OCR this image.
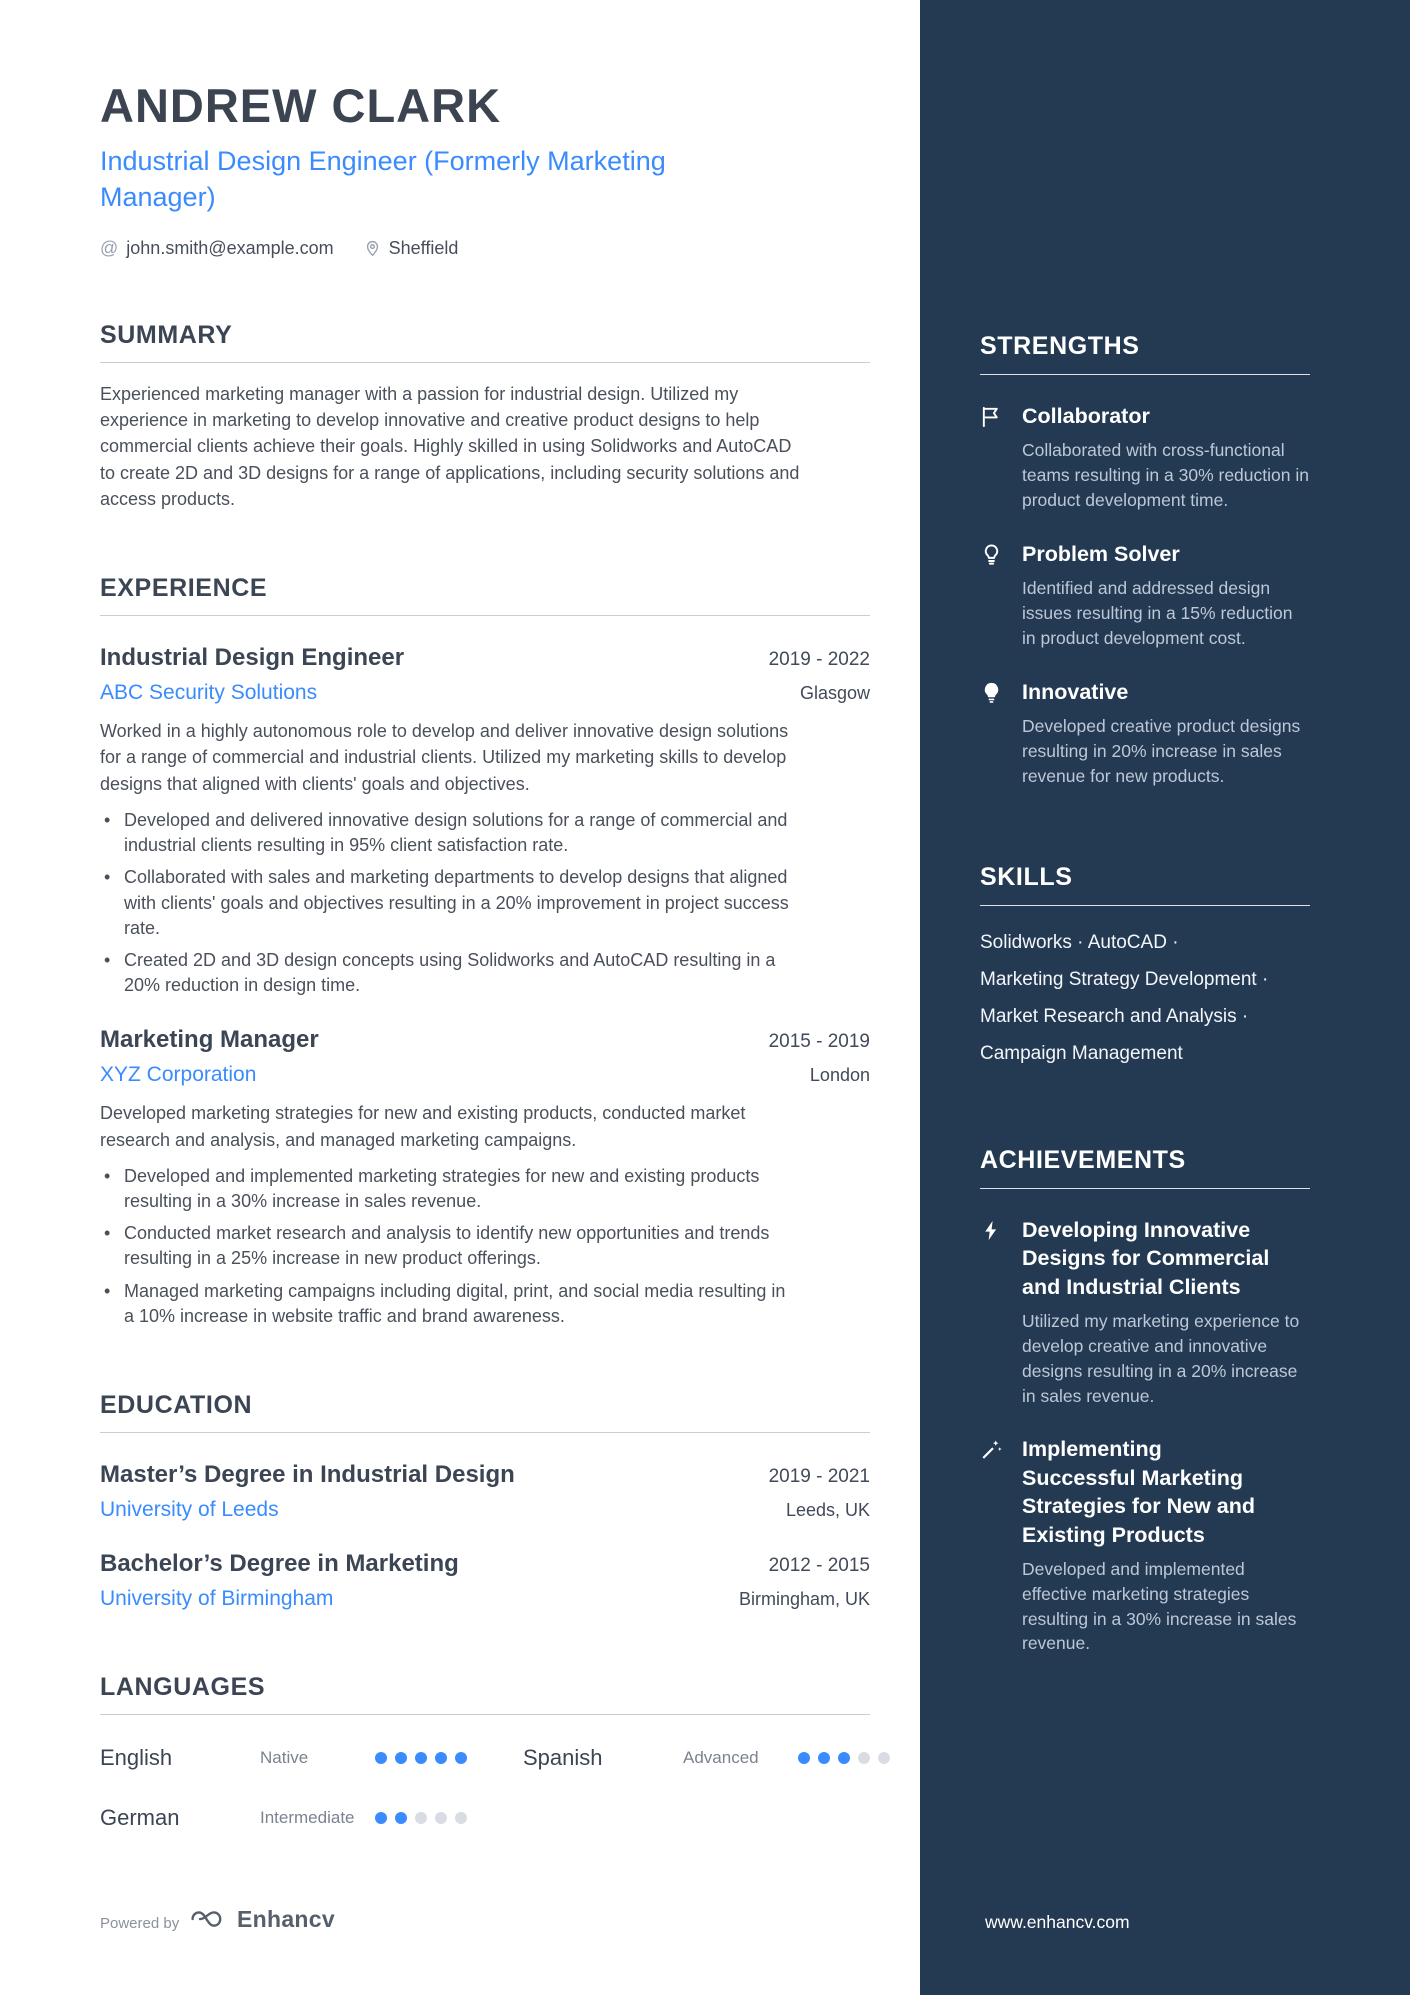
STRENGTHS
Collaborator

Collaborated with cross-functional teams resulting in a 30% reduction in product development time.

Problem Solver

Identified and addressed design issues resulting in a 15% reduction in product development cost.

Innovative

Developed creative product designs resulting in 20% increase in sales revenue for new products.

SKILLS

Solidworks · AutoCAD · Marketing Strategy Development · Market Research and Analysis · Campaign Management

ACHIEVEMENTS
Developing Innovative Designs for Commercial and Industrial Clients

Utilized my marketing experience to develop creative and innovative designs resulting in a 20% increase in sales revenue.

Implementing Successful Marketing Strategies for New and Existing Products

Developed and implemented effective marketing strategies resulting in a 30% increase in sales revenue.

ANDREW CLARK
Industrial Design Engineer (Formerly Marketing Manager)
@ john.smith@example.com	Sheffield
SUMMARY

Experienced marketing manager with a passion for industrial design. Utilized my experience in marketing to develop innovative and creative product designs to help commercial clients achieve their goals. Highly skilled in using Solidworks and AutoCAD to create 2D and 3D designs for a range of applications, including security solutions and access products.

EXPERIENCE
Industrial Design Engineer	2019 - 2022
ABC Security Solutions	Glasgow

Worked in a highly autonomous role to develop and deliver innovative design solutions for a range of commercial and industrial clients. Utilized my marketing skills to develop designs that aligned with clients' goals and objectives.

• Developed and delivered innovative design solutions for a range of commercial and industrial clients resulting in 95% client satisfaction rate.
• Collaborated with sales and marketing departments to develop designs that aligned with clients' goals and objectives resulting in a 20% improvement in project success rate.
• Created 2D and 3D design concepts using Solidworks and AutoCAD resulting in a 20% reduction in design time.
Marketing Manager	2015 - 2019
XYZ Corporation	London

Developed marketing strategies for new and existing products, conducted market research and analysis, and managed marketing campaigns.

• Developed and implemented marketing strategies for new and existing products resulting in a 30% increase in sales revenue.
• Conducted market research and analysis to identify new opportunities and trends resulting in a 25% increase in new product offerings.
• Managed marketing campaigns including digital, print, and social media resulting in a 10% increase in website traffic and brand awareness.
EDUCATION
Master’s Degree in Industrial Design	2019 - 2021
University of Leeds	Leeds, UK
Bachelor’s Degree in Marketing	2012 - 2015
University of Birmingham	Birmingham, UK
LANGUAGES
English	Native	Spanish	Advanced
German	Intermediate
Powered by	Enhancv	www.enhancv.com
